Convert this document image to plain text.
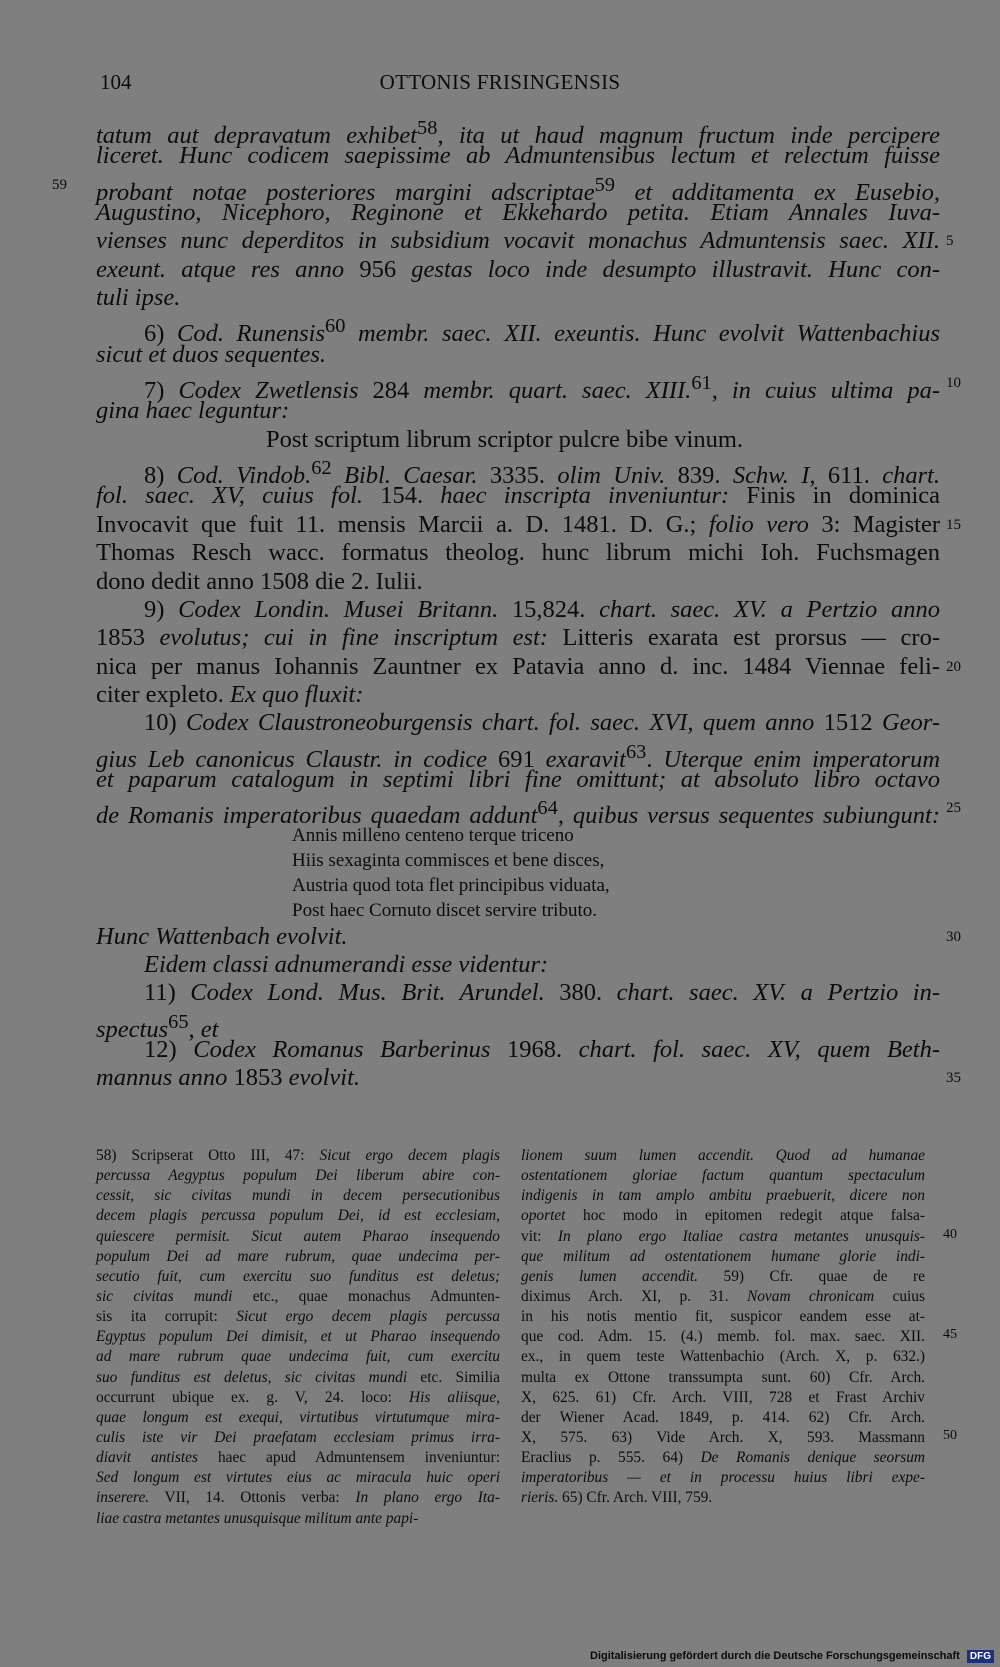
104	OTTONIS FRISINGENSIS
tatum aut depravatum exhibet$^{58}$, ita ut haud magnum fructum inde percipere
liceret. Hunc codicem saepissime ab Admuntensibus lectum et relectum fuisse
probant notae posteriores margini adscriptae$^{59}$ et additamenta ex Eusebio,
59
Augustino, Nicephoro, Reginone et Ekkehardo petita. Etiam Annales Iuva-
vienses nunc deperditos in subsidium vocavit monachus Admuntensis saec. XII. 5
exeunt. atque res anno 956 gestas loco inde desumpto illustravit. Hunc con-
tuli ipse.
6) Cod. Runensis$^{60}$ membr. saec. XII. exeuntis. Hunc evolvit Wattenbachius
sicut et duos sequentes.
7) Codex Zwetlensis 284 membr. quart. saec. XIII.$^{61}$, in cuius ultima pa- 10
gina haec leguntur:
Post scriptum librum scriptor pulcre bibe vinum.
8) Cod. Vindob.$^{62}$ Bibl. Caesar. 3335. olim Univ. 839. Schw. I, 611. chart.
fol. saec. XV, cuius fol. 154. haec inscripta inveniuntur: Finis in dominica
Invocavit que fuit 11. mensis Marcii a. D. 1481. D. G.; folio vero 3: Magister 15
Thomas Resch wacc. formatus theolog. hunc librum michi Ioh. Fuchsmagen
dono dedit anno 1508 die 2. Iulii.
9) Codex Londin. Musei Britann. 15,824. chart. saec. XV. a Pertzio anno
1853 evolutus; cui in fine inscriptum est: Litteris exarata est prorsus — cro-
nica per manus Iohannis Zauntner ex Patavia anno d. inc. 1484 Viennae feli- 20
citer expleto. Ex quo fluxit:
10) Codex Claustroneoburgensis chart. fol. saec. XVI, quem anno 1512 Geor-
gius Leb canonicus Claustr. in codice 691 exaravit$^{63}$. Uterque enim imperatorum
et paparum catalogum in septimi libri fine omittunt; at absoluto libro octavo
de Romanis imperatoribus quaedam addunt$^{64}$, quibus versus sequentes subiungunt: 25
Annis milleno centeno terque triceno
Hiis sexaginta commisces et bene disces,
Austria quod tota flet principibus viduata,
Post haec Cornuto discet servire tributo.
Hunc Wattenbach evolvit.	30
Eidem classi adnumerandi esse videntur:
11) Codex Lond. Mus. Brit. Arundel. 380. chart. saec. XV. a Pertzio in-
spectus$^{65}$, et
12) Codex Romanus Barberinus 1968. chart. fol. saec. XV, quem Beth-
mannus anno 1853 evolvit.	35
58) Scripserat Otto III, 47: Sicut ergo decem plagis
percussa Aegyptus populum Dei liberum abire con-
cessit, sic civitas mundi in decem persecutionibus
decem plagis percussa populum Dei, id est ecclesiam,
quiescere permisit. Sicut autem Pharao insequendo
populum Dei ad mare rubrum, quae undecima per-
secutio fuit, cum exercitu suo funditus est deletus;
sic civitas mundi etc., quae monachus Admunten-
sis ita corrupit: Sicut ergo decem plagis percussa
Egyptus populum Dei dimisit, et ut Pharao insequendo
ad mare rubrum quae undecima fuit, cum exercitu
suo funditus est deletus, sic civitas mundi etc. Similia
occurrunt ubique ex. g. V, 24. loco: His aliisque,
quae longum est exequi, virtutibus virtutumque mira-
culis iste vir Dei praefatam ecclesiam primus irra-
diavit antistes haec apud Admuntensem inveniuntur:
Sed longum est virtutes eius ac miracula huic operi
inserere. VII, 14. Ottonis verba: In plano ergo Ita-
liae castra metantes unusquisque militum ante papi-
lionem suum lumen accendit. Quod ad humanae
ostentationem gloriae factum quantum spectaculum
indigenis in tam amplo ambitu praebuerit, dicere non
oportet hoc modo in epitomen redegit atque falsa-
vit: In plano ergo Italiae castra metantes unusquis-
que militum ad ostentationem humane glorie indi-
genis lumen accendit. 59) Cfr. quae de re
diximus Arch. XI, p. 31. Novam chronicam cuius
in his notis mentio fit, suspicor eandem esse at-
que cod. Adm. 15. (4.) memb. fol. max. saec. XII.
ex., in quem teste Wattenbachio (Arch. X, p. 632.)
multa ex Ottone transsumpta sunt. 60) Cfr. Arch.
X, 625. 61) Cfr. Arch. VIII, 728 et Frast Archiv
der Wiener Acad. 1849, p. 414. 62) Cfr. Arch.
X, 575. 63) Vide Arch. X, 593. Massmann
Eraclius p. 555. 64) De Romanis denique seorsum
imperatoribus — et in processu huius libri expe-
rieris. 65) Cfr. Arch. VIII, 759.
40
45
50
Digitalisierung gefördert durch die Deutsche Forschungsgemeinschaft DFG
